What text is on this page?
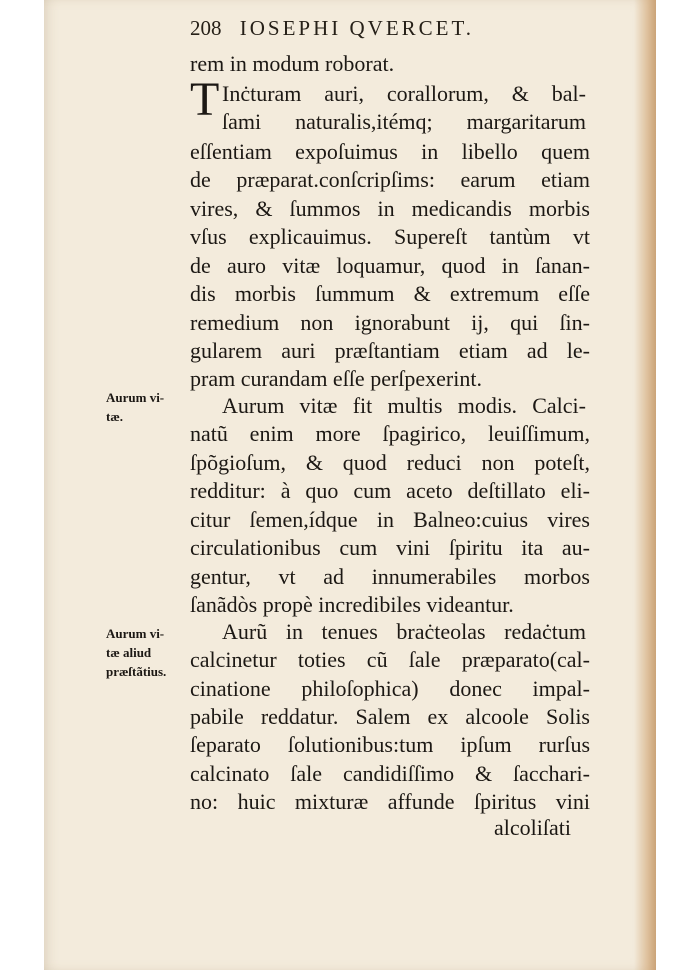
208 IOSEPHI QVERCET.
T
rem in modum roborat.
Inċturam auri, corallorum, & bal-
ſami naturalis,itémq; margaritarum
eſſentiam expoſuimus in libello quem
de præparat.conſcripſims: earum etiam
vires, & ſummos in medicandis morbis
vſus explicauimus. Supereſt tantùm vt
de auro vitæ loquamur, quod in ſanan-
dis morbis ſummum & extremum eſſe
remedium non ignorabunt ij, qui ſin-
gularem auri præſtantiam etiam ad le-
pram curandam eſſe perſpexerint.
Aurum vitæ fit multis modis. Calci-
natũ enim more ſpagirico, leuiſſimum,
ſpõgioſum, & quod reduci non poteſt,
redditur: à quo cum aceto deſtillato eli-
citur ſemen,ídque in Balneo:cuius vires
circulationibus cum vini ſpiritu ita au-
gentur, vt ad innumerabiles morbos
ſanãdòs propè incredibiles videantur.
Aurũ in tenues braċteolas redaċtum
calcinetur toties cũ ſale præparato(cal-
cinatione philoſophica) donec impal-
pabile reddatur. Salem ex alcoole Solis
ſeparato ſolutionibus:tum ipſum rurſus
calcinato ſale candidiſſimo & ſacchari-
no: huic mixturæ affunde ſpiritus vini
alcoliſati
Aurum vi-
tæ.
Aurum vi-
tæ aliud
præſtãtius.
